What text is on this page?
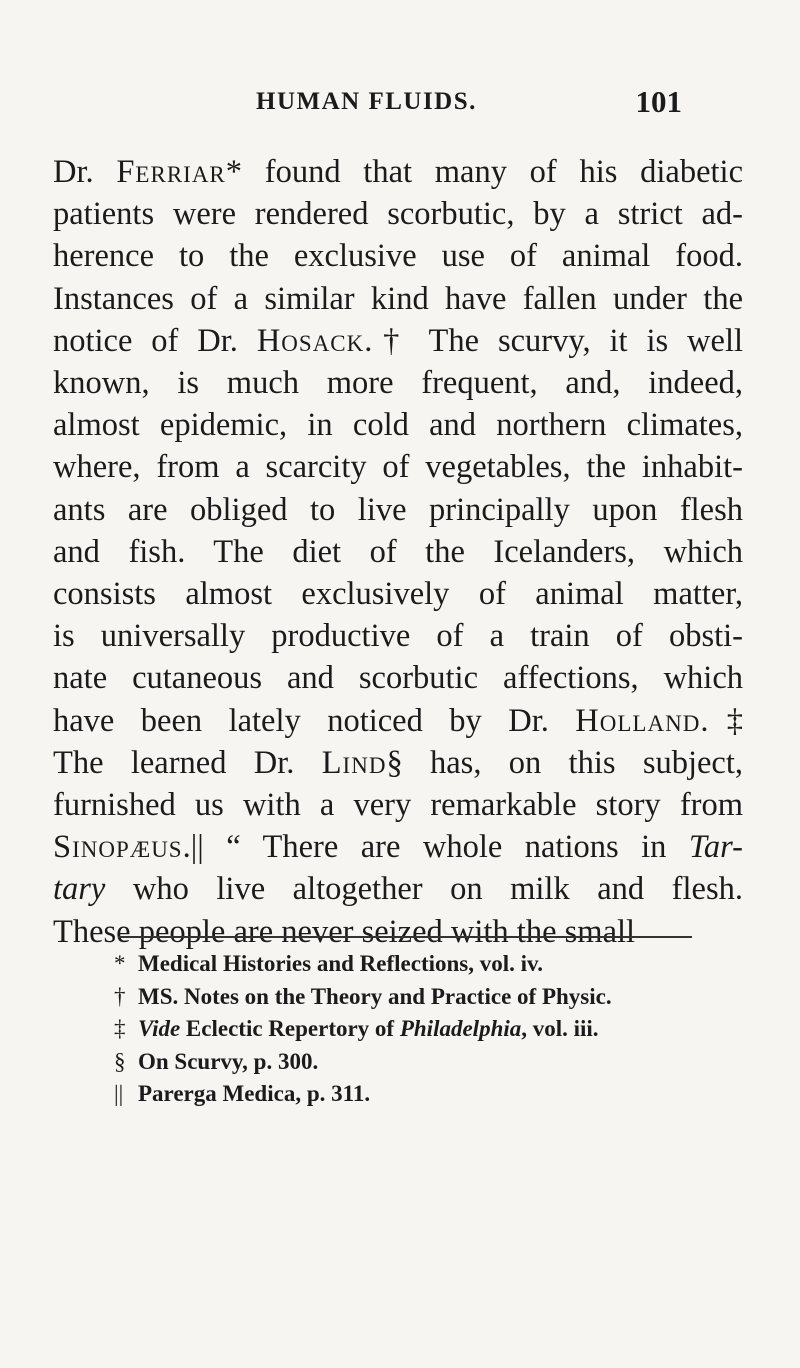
HUMAN FLUIDS.	101
Dr. Ferriar* found that many of his diabetic
patients were rendered scorbutic, by a strict ad-
herence to the exclusive use of animal food.
Instances of a similar kind have fallen under the
notice of Dr. Hosack.† The scurvy, it is well
known, is much more frequent, and, indeed,
almost epidemic, in cold and northern climates,
where, from a scarcity of vegetables, the inhabit-
ants are obliged to live principally upon flesh
and fish. The diet of the Icelanders, which
consists almost exclusively of animal matter,
is universally productive of a train of obsti-
nate cutaneous and scorbutic affections, which
have been lately noticed by Dr. Holland.‡
The learned Dr. Lind§ has, on this subject,
furnished us with a very remarkable story from
Sinopæus.|| “ There are whole nations in Tar-
tary who live altogether on milk and flesh.
These people are never seized with the small
* Medical Histories and Reflections, vol. iv.
† MS. Notes on the Theory and Practice of Physic.
‡ Vide Eclectic Repertory of Philadelphia, vol. iii.
§ On Scurvy, p. 300.
|| Parerga Medica, p. 311.
